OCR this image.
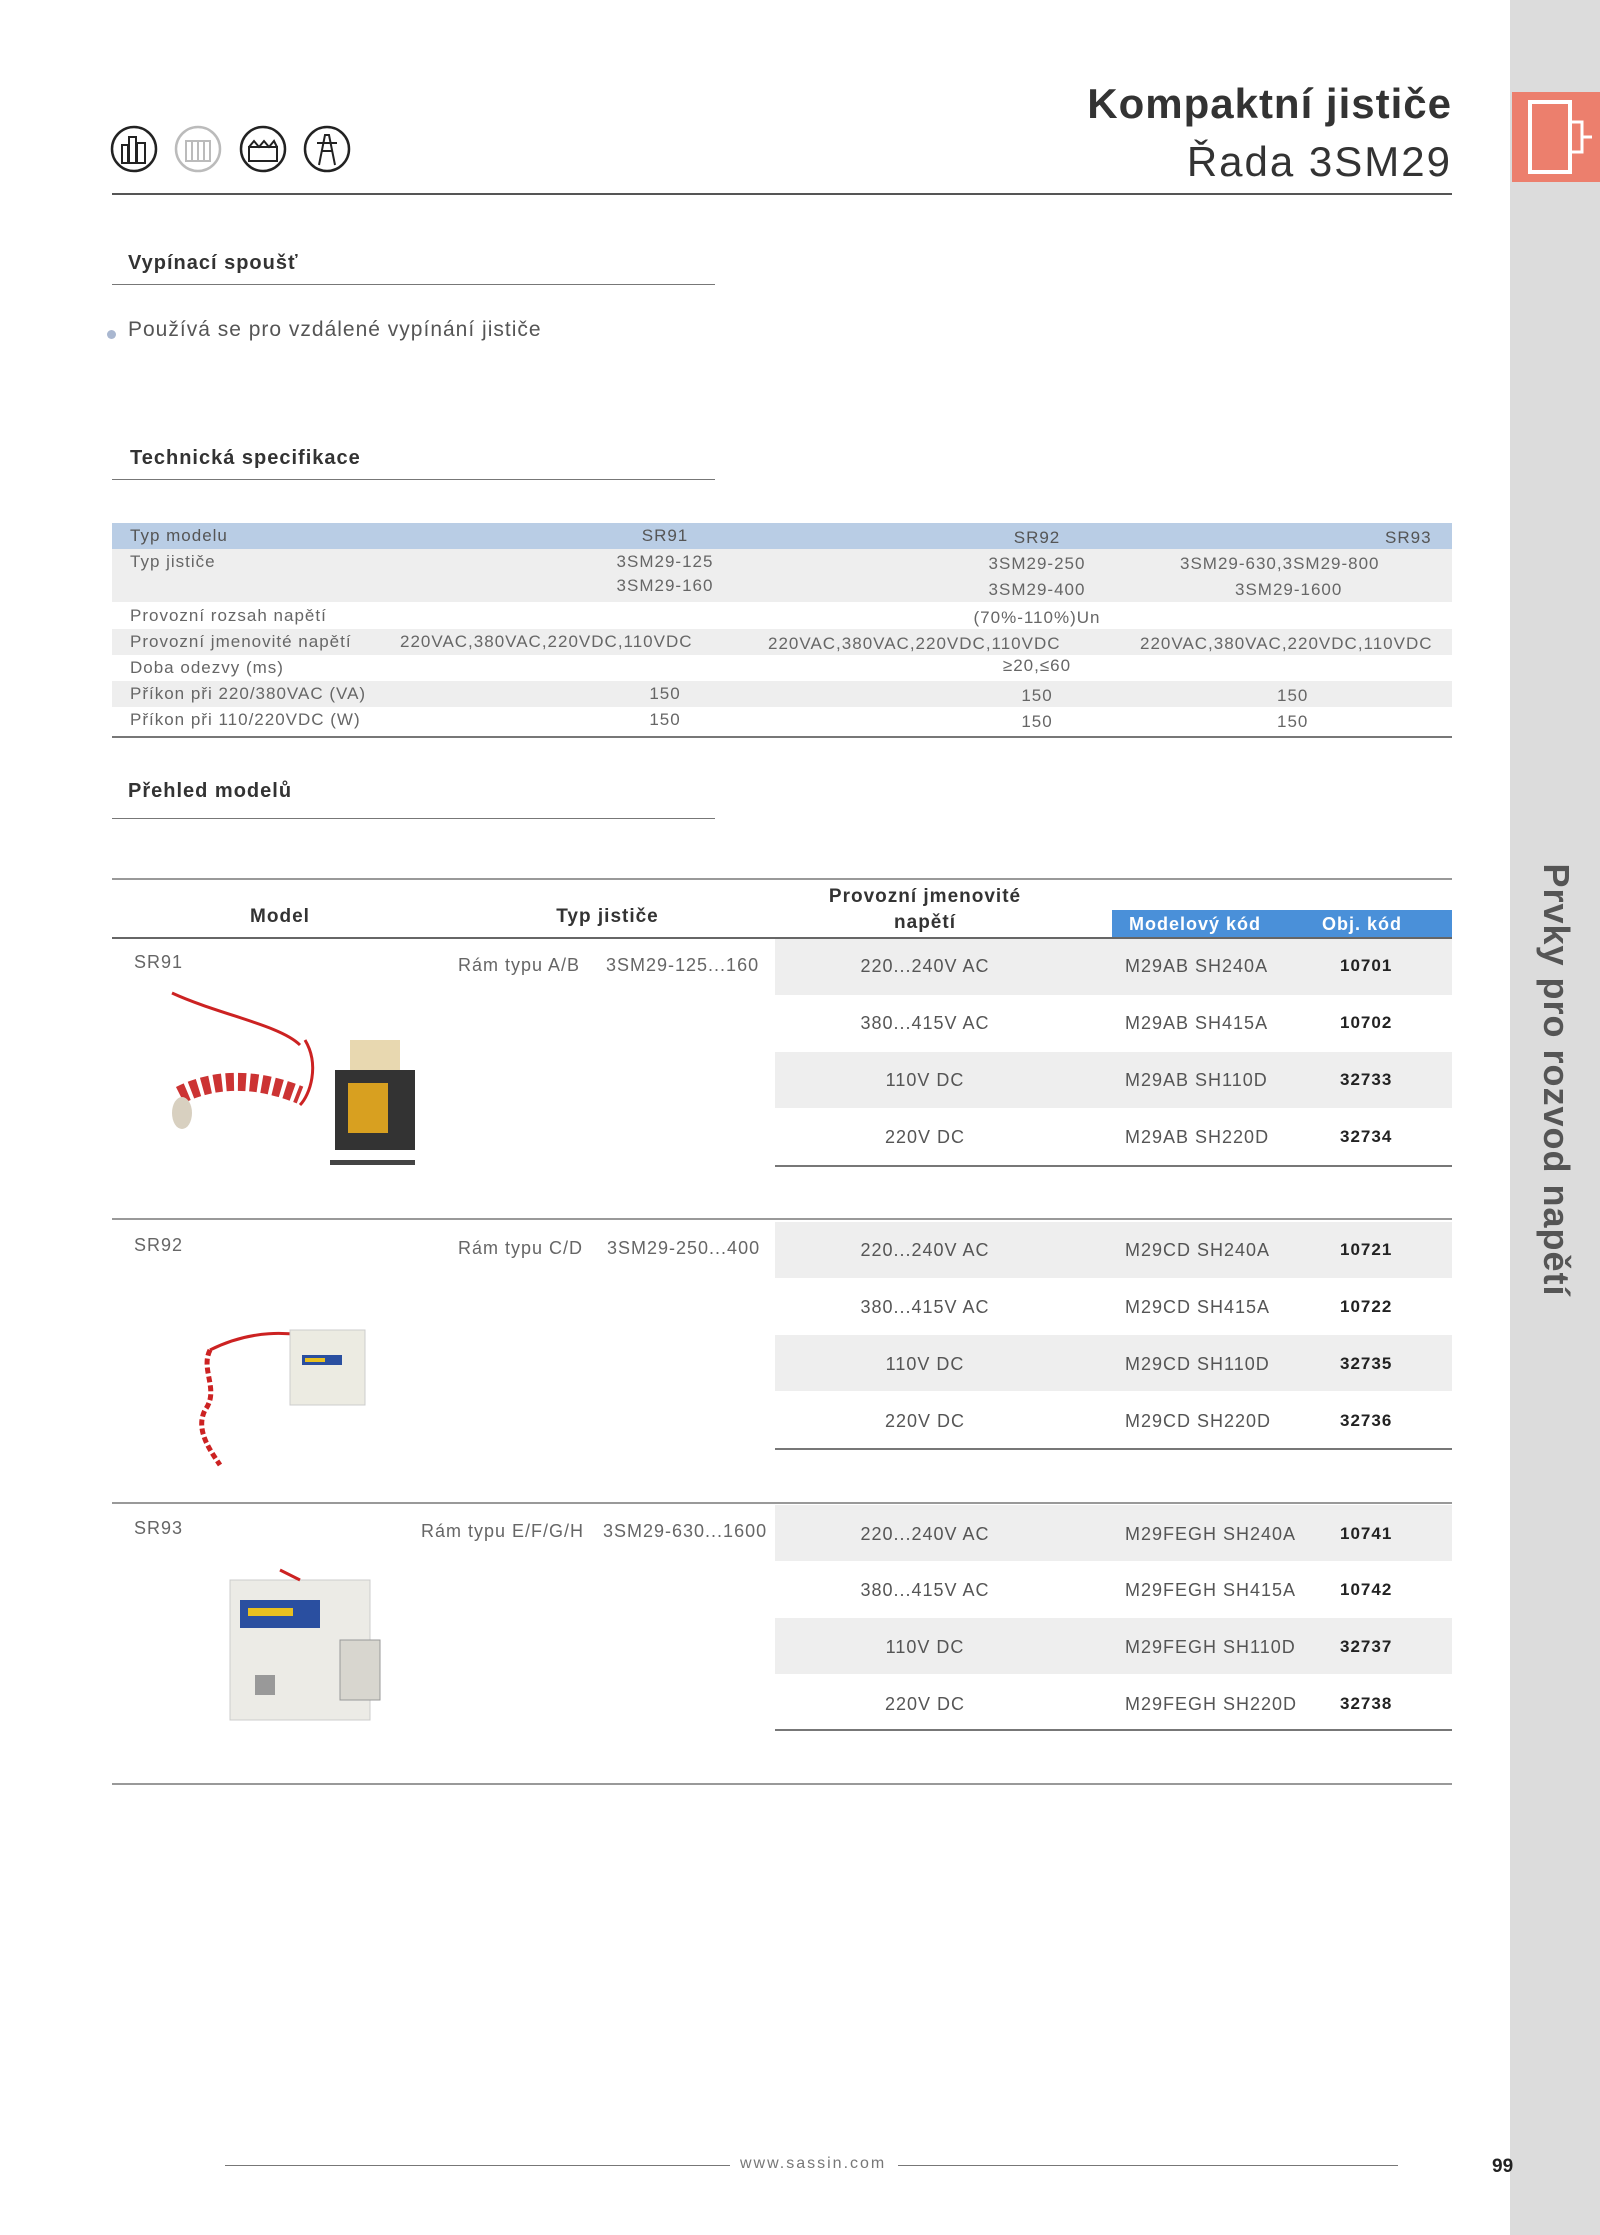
Prvky pro rozvod napětí

Kompaktní jističe
Řada 3SM29
Vypínací spoušť
Používá se pro vzdálené vypínání jističe
Technická specifikace
Typ modelu	SR91	SR92	SR93
Typ jističe	3SM29-125	3SM29-250	3SM29-630,3SM29-800
3SM29-160	3SM29-400	3SM29-1600
Provozní rozsah napětí	(70%-110%)Un
Provozní jmenovité napětí	220VAC,380VAC,220VDC,110VDC	220VAC,380VAC,220VDC,110VDC	220VAC,380VAC,220VDC,110VDC
Doba odezvy (ms)	≥20,≤60
Příkon při 220/380VAC (VA)	150	150	150
Příkon při 110/220VDC (W)	150	150	150
Přehled modelů
Model	Typ jističe
Provozní jmenovité napětí	Modelový kód	Obj. kód
SR91	Rám typu A/B 3SM29-125...160	220...240V AC	M29AB SH240A	10701
380...415V AC	M29AB SH415A	10702
110V DC	M29AB SH110D	32733
220V DC	M29AB SH220D	32734
SR92	Rám typu C/D 3SM29-250...400	220...240V AC	M29CD SH240A	10721
380...415V AC	M29CD SH415A	10722
110V DC	M29CD SH110D	32735
220V DC	M29CD SH220D	32736
SR93	Rám typu E/F/G/H 3SM29-630...1600	220...240V AC	M29FEGH SH240A	10741
380...415V AC	M29FEGH SH415A	10742
110V DC	M29FEGH SH110D	32737
220V DC	M29FEGH SH220D	32738
www.sassin.com	99
